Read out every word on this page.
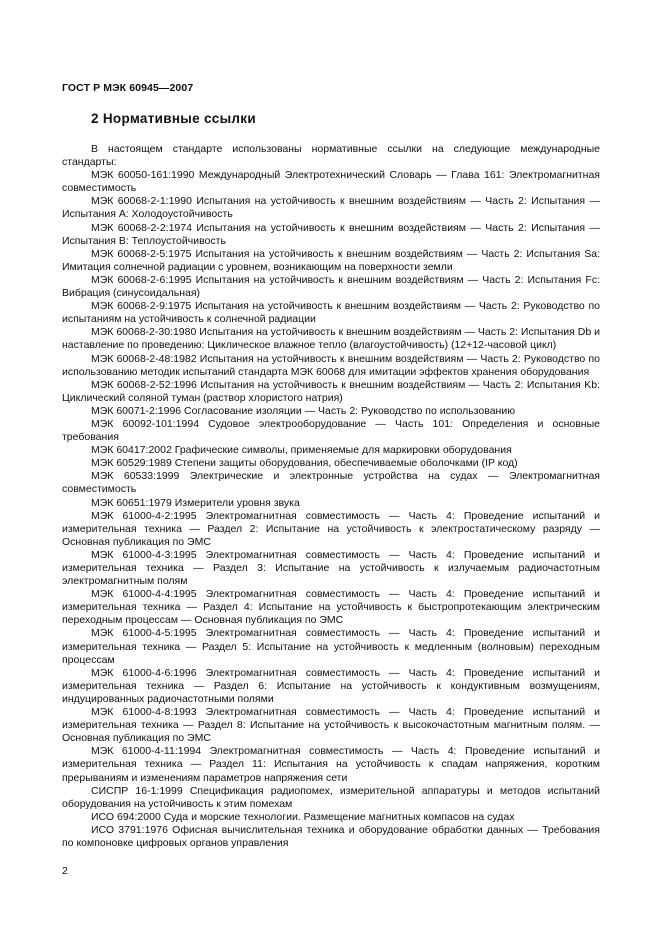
ГОСТ Р МЭК 60945—2007
2 Нормативные ссылки

В настоящем стандарте использованы нормативные ссылки на следующие международные стандарты:

МЭК 60050-161:1990 Международный Электротехнический Словарь — Глава 161: Электромагнитная совместимость

МЭК 60068-2-1:1990 Испытания на устойчивость к внешним воздействиям — Часть 2: Испытания — Испытания А: Холодоустойчивость

МЭК 60068-2-2:1974 Испытания на устойчивость к внешним воздействиям — Часть 2: Испытания — Испытания В: Теплоустойчивость

МЭК 60068-2-5:1975 Испытания на устойчивость к внешним воздействиям — Часть 2: Испытания Sa: Имитация солнечной радиации с уровнем, возникающим на поверхности земли

МЭК 60068-2-6:1995 Испытания на устойчивость к внешним воздействиям — Часть 2: Испытания Fc: Вибрация (синусоидальная)

МЭК 60068-2-9:1975 Испытания на устойчивость к внешним воздействиям — Часть 2: Руководство по испытаниям на устойчивость к солнечной радиации

МЭК 60068-2-30:1980 Испытания на устойчивость к внешним воздействиям — Часть 2: Испытания Db и наставление по проведению: Циклическое влажное тепло (влагоустойчивость) (12+12-часовой цикл)

МЭК 60068-2-48:1982 Испытания на устойчивость к внешним воздействиям — Часть 2: Руководство по использованию методик испытаний стандарта МЭК 60068 для имитации эффектов хранения оборудования

МЭК 60068-2-52:1996 Испытания на устойчивость к внешним воздействиям — Часть 2: Испытания Kb: Циклический соляной туман (раствор хлористого натрия)

МЭК 60071-2:1996 Согласование изоляции — Часть 2: Руководство по использованию

МЭК 60092-101:1994 Судовое электрооборудование — Часть 101: Определения и основные требования

МЭК 60417:2002 Графические символы, применяемые для маркировки оборудования

МЭК 60529:1989 Степени защиты оборудования, обеспечиваемые оболочками (IP код)

МЭК 60533:1999 Электрические и электронные устройства на судах — Электромагнитная совместимость

МЭК 60651:1979 Измерители уровня звука

МЭК 61000-4-2:1995 Электромагнитная совместимость — Часть 4: Проведение испытаний и измерительная техника — Раздел 2: Испытание на устойчивость к электростатическому разряду — Основная публикация по ЭМС

МЭК 61000-4-3:1995 Электромагнитная совместимость — Часть 4: Проведение испытаний и измерительная техника — Раздел 3: Испытание на устойчивость к излучаемым радиочастотным электромагнитным полям

МЭК 61000-4-4:1995 Электромагнитная совместимость — Часть 4: Проведение испытаний и измерительная техника — Раздел 4: Испытание на устойчивость к быстропротекающим электрическим переходным процессам — Основная публикация по ЭМС

МЭК 61000-4-5:1995 Электромагнитная совместимость — Часть 4: Проведение испытаний и измерительная техника — Раздел 5: Испытание на устойчивость к медленным (волновым) переходным процессам

МЭК 61000-4-6:1996 Электромагнитная совместимость — Часть 4: Проведение испытаний и измерительная техника — Раздел 6: Испытание на устойчивость к кондуктивным возмущениям, индуцированных радиочастотными полями

МЭК 61000-4-8:1993 Электромагнитная совместимость — Часть 4: Проведение испытаний и измерительная техника — Раздел 8: Испытание на устойчивость к высокочастотным магнитным полям. — Основная публикация по ЭМС

МЭК 61000-4-11:1994 Электромагнитная совместимость — Часть 4: Проведение испытаний и измерительная техника — Раздел 11: Испытания на устойчивость к спадам напряжения, коротким прерываниям и изменениям параметров напряжения сети

СИСПР 16-1:1999 Спецификация радиопомех, измерительной аппаратуры и методов испытаний оборудования на устойчивость к этим помехам

ИСО 694:2000 Суда и морские технологии. Размещение магнитных компасов на судах

ИСО 3791:1976 Офисная вычислительная техника и оборудование обработки данных — Требования по компоновке цифровых органов управления

2
